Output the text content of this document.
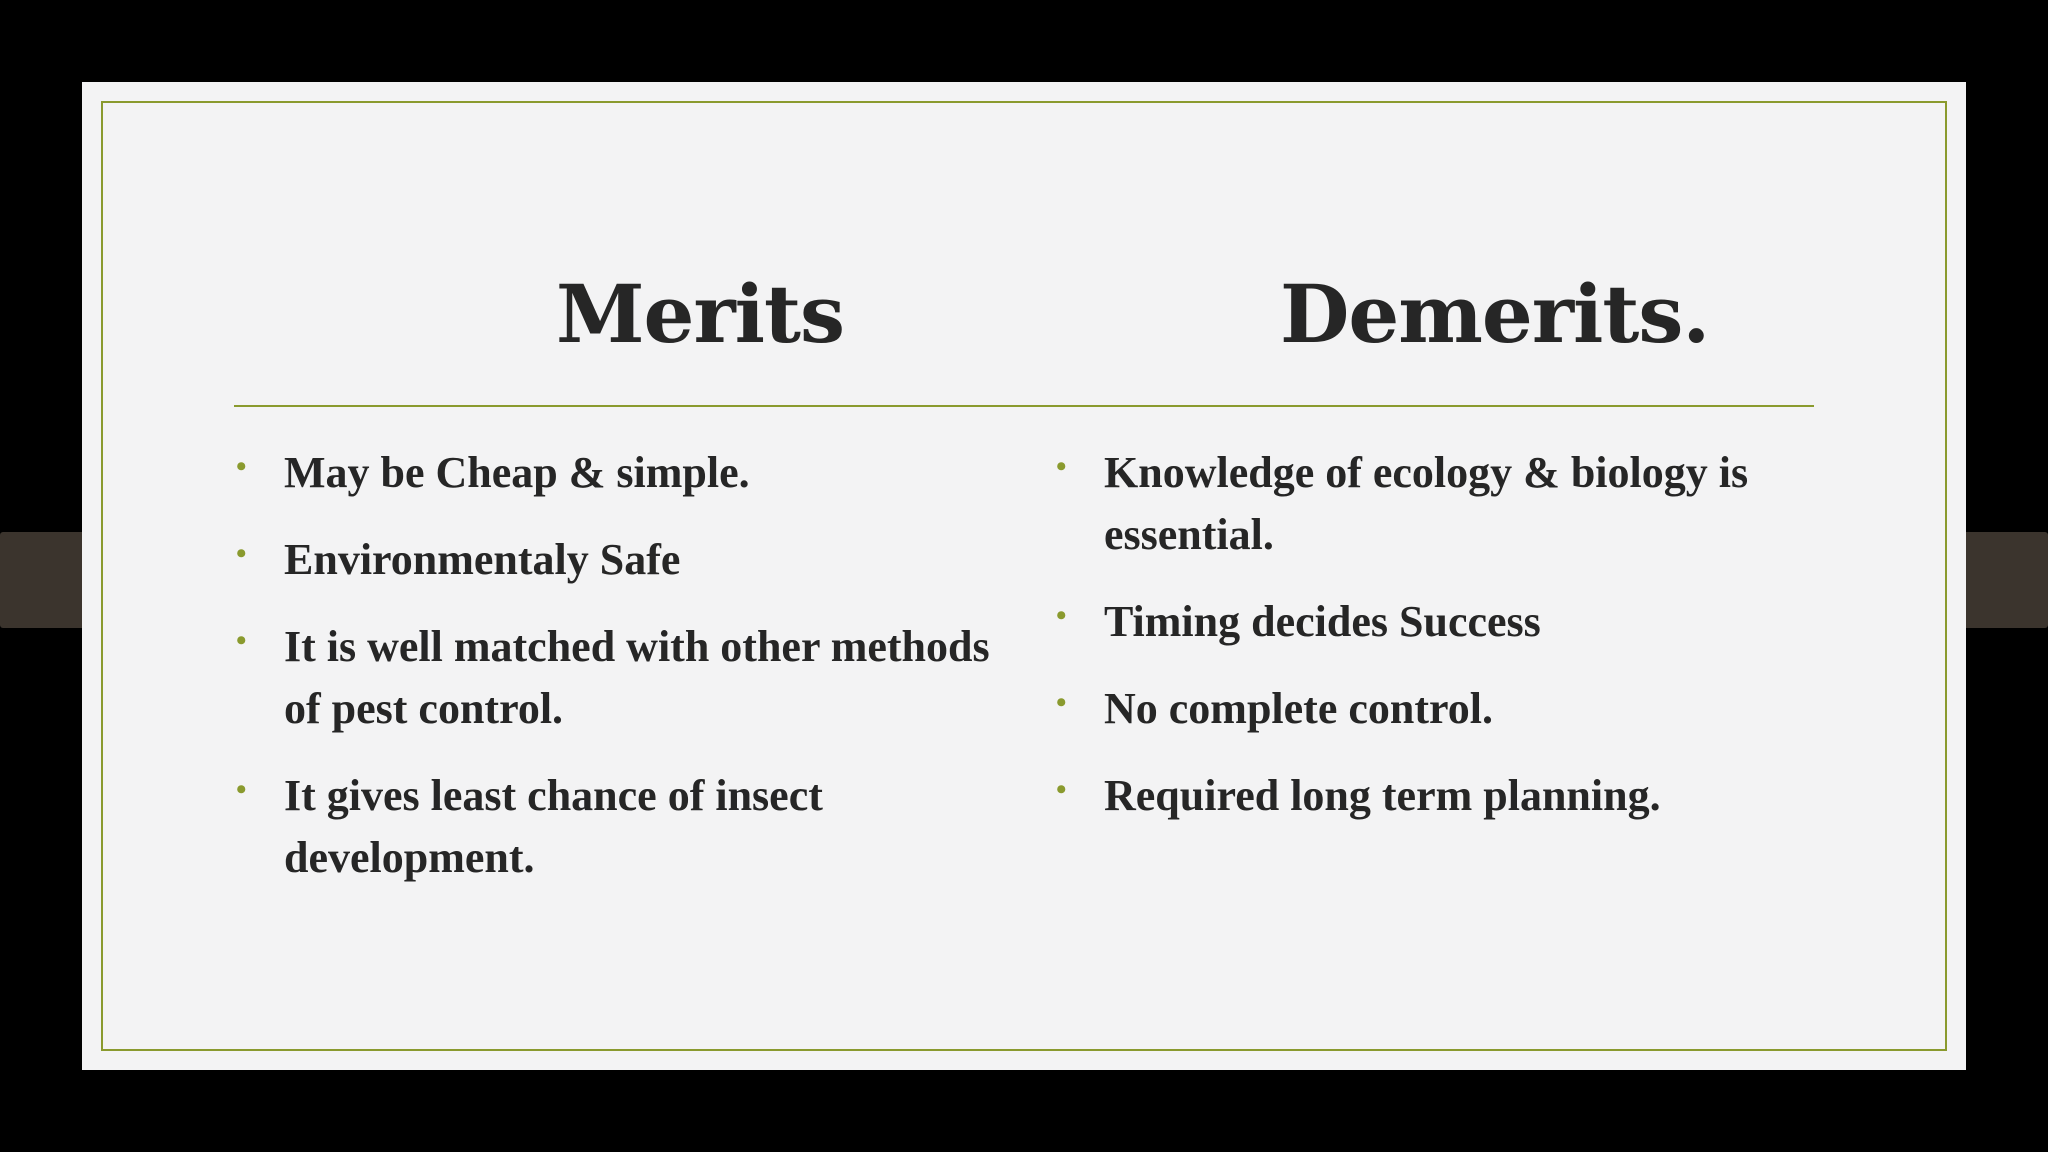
Merits	Demerits.
• May be Cheap & simple.
• Environmentaly Safe
• It is well matched with other methods of pest control.
• It gives least chance of insect development.
• Knowledge of ecology & biology is essential.
• Timing decides Success
• No complete control.
• Required long term planning.
